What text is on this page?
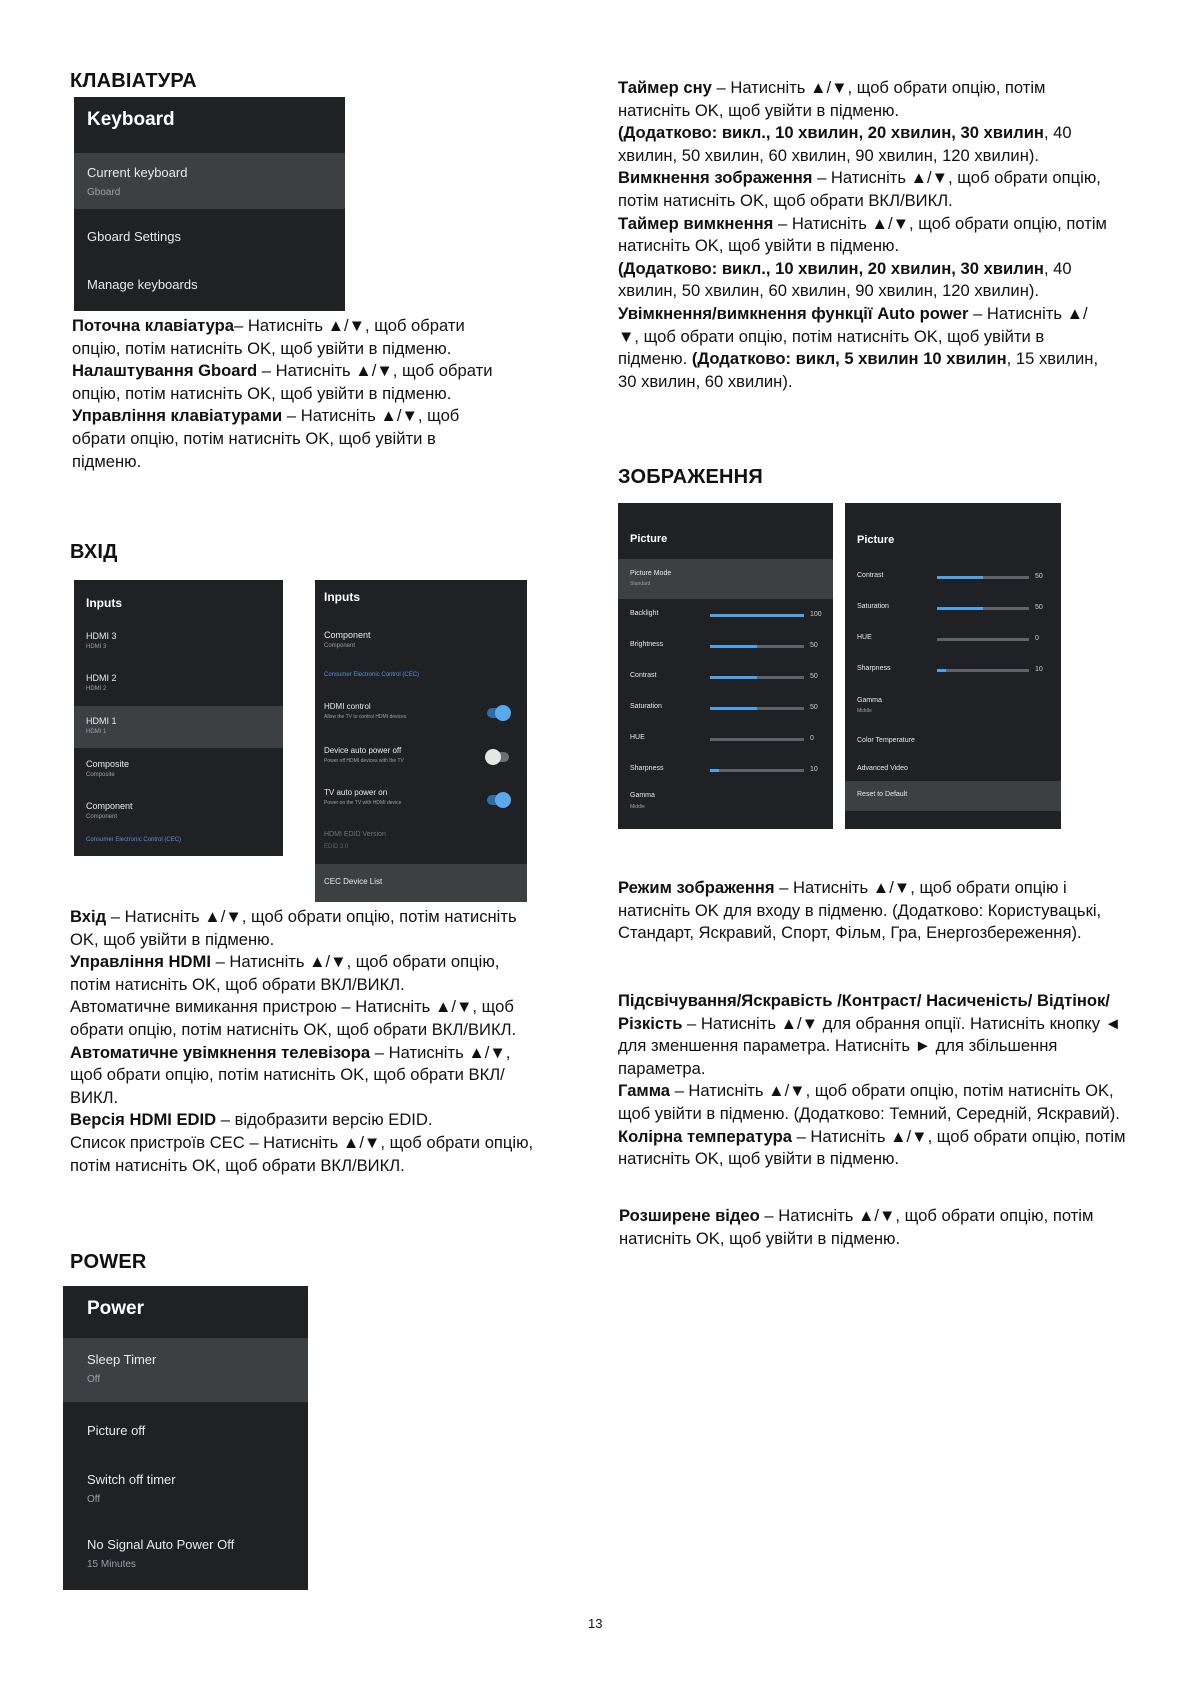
КЛАВІАТУРА
Keyboard
Current keyboard
Gboard
Gboard Settings
Manage keyboards

Поточна клавіатура– Натисніть ▲/▼, щоб обрати опцію, потім натисніть OK, щоб увійти в підменю.

Налаштування Gboard – Натисніть ▲/▼, щоб обрати опцію, потім натисніть OK, щоб увійти в підменю.

Управління клавіатурами – Натисніть ▲/▼, щоб обрати опцію, потім натисніть OK, щоб увійти в підменю.

ВХІД
Inputs
HDMI 3
HDMI 3
HDMI 2
HDMI 2
HDMI 1
HDMI 1
Composite
Composite
Component
Component
Consumer Electronic Control (CEC)
Inputs
Component
Component
Consumer Electronic Control (CEC)
HDMI control
Allow the TV to control HDMI devices
Device auto power off
Power off HDMI devices with the TV
TV auto power on
Power on the TV with HDMI device
HDMI EDID Version
EDID 2.0
CEC Device List

Вхід – Натисніть ▲/▼, щоб обрати опцію, потім натисніть OK, щоб увійти в підменю.

Управління HDMI – Натисніть ▲/▼, щоб обрати опцію, потім натисніть OK, щоб обрати ВКЛ/ВИКЛ.

Автоматичне вимикання пристрою – Натисніть ▲/▼, щоб обрати опцію, потім натисніть OK, щоб обрати ВКЛ/ВИКЛ.

Автоматичне увімкнення телевізора – Натисніть ▲/▼, щоб обрати опцію, потім натисніть OK, щоб обрати ВКЛ/ВИКЛ.

Версія HDMI EDID – відобразити версію EDID.

Список пристроїв CEC – Натисніть ▲/▼, щоб обрати опцію, потім натисніть OK, щоб обрати ВКЛ/ВИКЛ.

POWER
Power
Sleep Timer
Off
Picture off
Switch off timer
Off
No Signal Auto Power Off
15 Minutes

Таймер сну – Натисніть ▲/▼, щоб обрати опцію, потім натисніть OK, щоб увійти в підменю.

(Додатково: викл., 10 хвилин, 20 хвилин, 30 хвилин, 40 хвилин, 50 хвилин, 60 хвилин, 90 хвилин, 120 хвилин). Вимкнення зображення – Натисніть ▲/▼, щоб обрати опцію, потім натисніть OK, щоб обрати ВКЛ/ВИКЛ.

Таймер вимкнення – Натисніть ▲/▼, щоб обрати опцію, потім натисніть OK, щоб увійти в підменю.

(Додатково: викл., 10 хвилин, 20 хвилин, 30 хвилин, 40 хвилин, 50 хвилин, 60 хвилин, 90 хвилин, 120 хвилин).

Увімкнення/вимкнення функції Auto power – Натисніть ▲/▼, щоб обрати опцію, потім натисніть OK, щоб увійти в підменю. (Додатково: викл, 5 хвилин 10 хвилин, 15 хвилин, 30 хвилин, 60 хвилин).

ЗОБРАЖЕННЯ
Picture
Picture Mode
Standard
Backlight	100
Brightness	50
Contrast	50
Saturation	50
HUE	0
Sharpness	10
Gamma
Middle
Picture
Contrast	50
Saturation	50
HUE	0
Sharpness	10
Gamma
Middle
Color Temperature
Advanced Video
Reset to Default

Режим зображення – Натисніть ▲/▼, щоб обрати опцію і натисніть OK для входу в підменю. (Додатково: Користувацькі, Стандарт, Яскравий, Спорт, Фільм, Гра, Енергозбереження).

Підсвічування/Яскравість /Контраст/ Насиченість/ Відтінок/ Різкість – Натисніть ▲/▼ для обрання опції. Натисніть кнопку ◄ для зменшення параметра. Натисніть ► для збільшення параметра.

Гамма – Натисніть ▲/▼, щоб обрати опцію, потім натисніть OK, щоб увійти в підменю. (Додатково: Темний, Середній, Яскравий).

Колірна температура – Натисніть ▲/▼, щоб обрати опцію, потім натисніть OK, щоб увійти в підменю.

Розширене відео – Натисніть ▲/▼, щоб обрати опцію, потім натисніть OK, щоб увійти в підменю.

13
